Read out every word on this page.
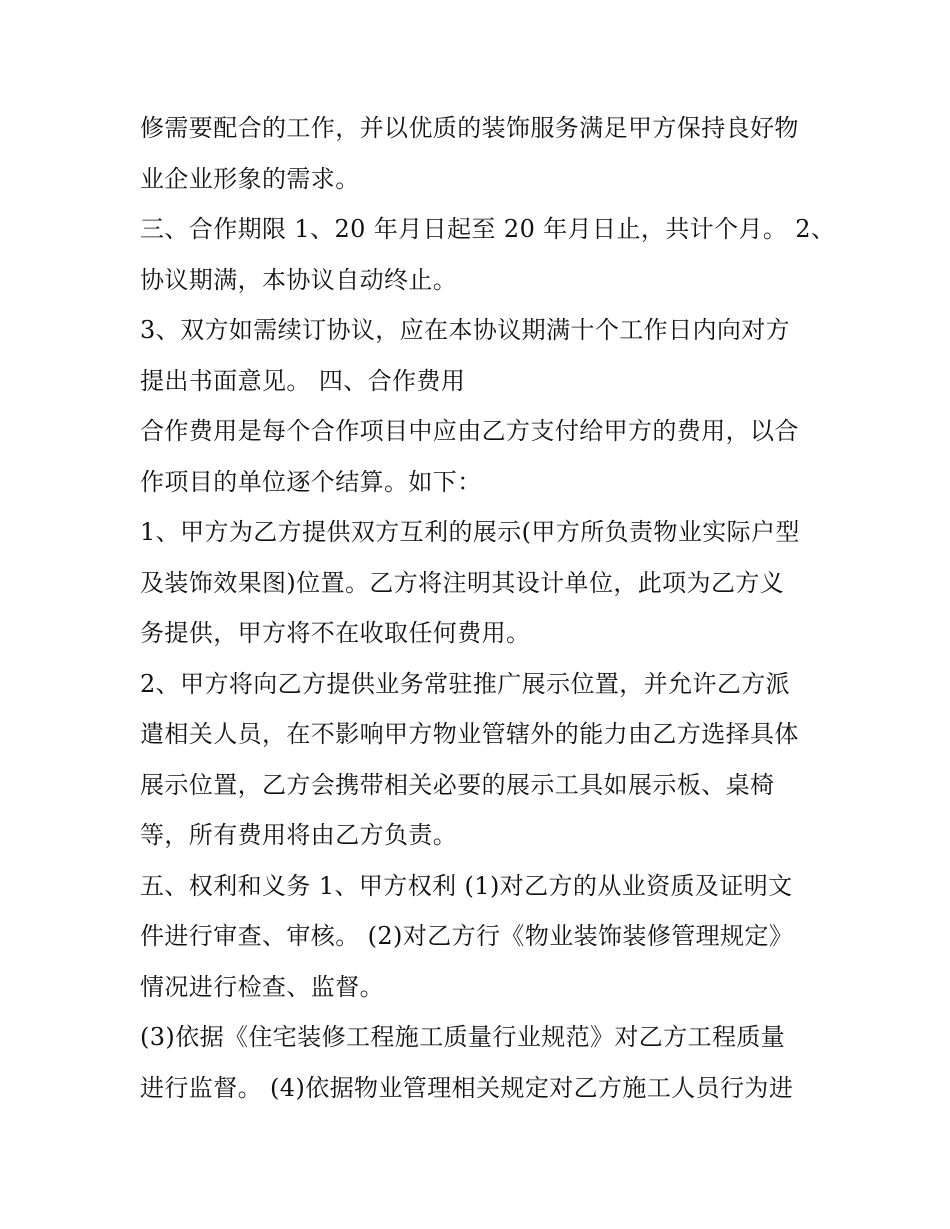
修需要配合的工作，并以优质的装饰服务满足甲方保持良好物
业企业形象的需求。
三、合作期限 1、20 年月日起至 20 年月日止，共计个月。 2、
协议期满，本协议自动终止。
3、双方如需续订协议，应在本协议期满十个工作日内向对方
提出书面意见。 四、合作费用
合作费用是每个合作项目中应由乙方支付给甲方的费用，以合
作项目的单位逐个结算。如下：
1、甲方为乙方提供双方互利的展示(甲方所负责物业实际户型
及装饰效果图)位置。乙方将注明其设计单位，此项为乙方义
务提供，甲方将不在收取任何费用。
2、甲方将向乙方提供业务常驻推广展示位置，并允许乙方派
遣相关人员，在不影响甲方物业管辖外的能力由乙方选择具体
展示位置，乙方会携带相关必要的展示工具如展示板、桌椅
等，所有费用将由乙方负责。
五、权利和义务 1、甲方权利 (1)对乙方的从业资质及证明文
件进行审查、审核。 (2)对乙方行《物业装饰装修管理规定》
情况进行检查、监督。
(3)依据《住宅装修工程施工质量行业规范》对乙方工程质量
进行监督。 (4)依据物业管理相关规定对乙方施工人员行为进
